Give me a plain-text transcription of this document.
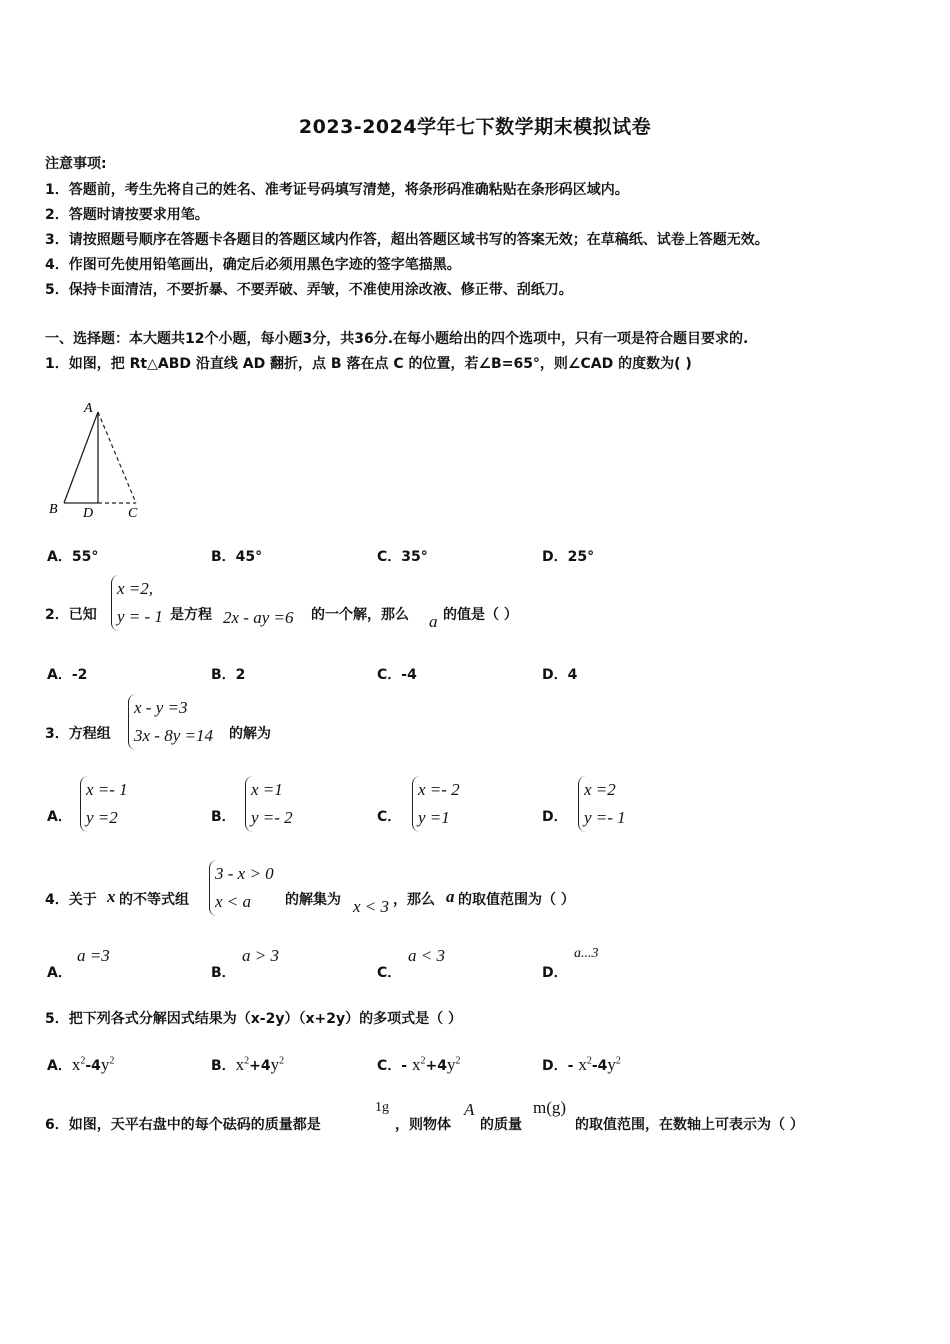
2023-2024学年七下数学期末模拟试卷
注意事项:
1．答题前，考生先将自己的姓名、准考证号码填写清楚，将条形码准确粘贴在条形码区域内。
2．答题时请按要求用笔。
3．请按照题号顺序在答题卡各题目的答题区域内作答，超出答题区域书写的答案无效；在草稿纸、试卷上答题无效。
4．作图可先使用铅笔画出，确定后必须用黑色字迹的签字笔描黑。
5．保持卡面清洁，不要折暴、不要弄破、弄皱，不准使用涂改液、修正带、刮纸刀。
一、选择题：本大题共12个小题，每小题3分，共36分.在每小题给出的四个选项中，只有一项是符合题目要求的.
1．如图，把 Rt△ABD 沿直线 AD 翻折，点 B 落在点 C 的位置，若∠B=65°，则∠CAD 的度数为( )
A
B D C
A．55°	B．45°	C．35°	D．25°
2．已知
x =2,
y = - 1 是方程 2x - ay =6 的一个解，那么 a 的值是（ ）
A．-2	B．2	C．-4	D．4
3．方程组
x - y =3
3x - 8y =14 的解为
A．
x =- 1
y =2	B．
x =1
y =- 2	C．
x =- 2
y =1	D．
x =2
y =- 1
4．关于 x 的不等式组
3 - x > 0
x < a	的解集为 x < 3 ，那么 a 的取值范围为（ ）
A．
a =3
B．
a > 3
C．
a < 3
D．
a...3
5．把下列各式分解因式结果为（x-2y）（x+2y）的多项式是（ ）
A．$x^2-4y^2$	B．$x^2+4y^2$	C．- $x^2+4y^2$	D．- $x^2-4y^2$
6．如图，天平右盘中的每个砝码的质量都是
1g
，则物体
A
的质量
m(g)
的取值范围，在数轴上可表示为（ ）
